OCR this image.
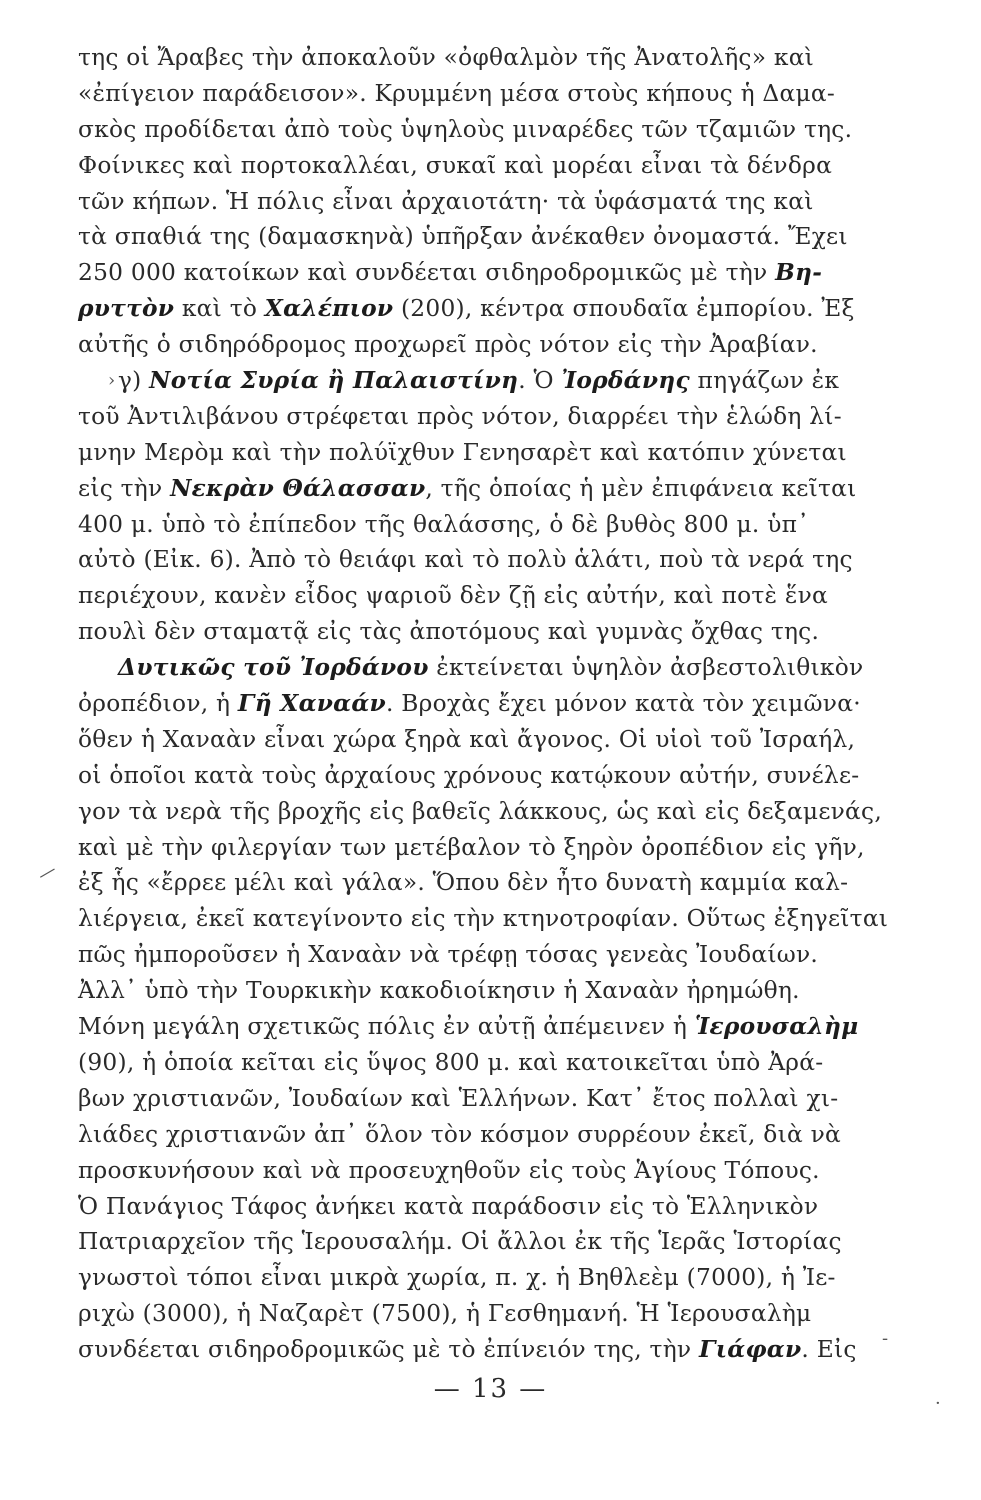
της οἱ Ἄραβες τὴν ἀποκαλοῦν «ὀφθαλμὸν τῆς Ἀνατολῆς» καὶ
«ἐπίγειον παράδεισον». Κρυμμένη μέσα στοὺς κήπους ἡ Δαμα-
σκὸς προδίδεται ἀπὸ τοὺς ὑψηλοὺς μιναρέδες τῶν τζαμιῶν της.
Φοίνικες καὶ πορτοκαλλέαι, συκαῖ καὶ μορέαι εἶναι τὰ δένδρα
τῶν κήπων. Ἡ πόλις εἶναι ἀρχαιοτάτη· τὰ ὑφάσματά της καὶ
τὰ σπαθιά της (δαμασκηνὰ) ὑπῆρξαν ἀνέκαθεν ὀνομαστά. Ἔχει
250 000 κατοίκων καὶ συνδέεται σιδηροδρομικῶς μὲ τὴν Βη-
ρυττὸν καὶ τὸ Χαλέπιον (200), κέντρα σπουδαῖα ἐμπορίου. Ἐξ
αὐτῆς ὁ σιδηρόδρομος προχωρεῖ πρὸς νότον εἰς τὴν Ἀραβίαν.
γ) Νοτία Συρία ἢ Παλαιστίνη. Ὁ Ἰορδάνης πηγάζων ἐκ
τοῦ Ἀντιλιβάνου στρέφεται πρὸς νότον, διαρρέει τὴν ἑλώδη λί-
μνην Μερὸμ καὶ τὴν πολύϊχθυν Γενησαρὲτ καὶ κατόπιν χύνεται
εἰς τὴν Νεκρὰν Θάλασσαν, τῆς ὁποίας ἡ μὲν ἐπιφάνεια κεῖται
400 μ. ὑπὸ τὸ ἐπίπεδον τῆς θαλάσσης, ὁ δὲ βυθὸς 800 μ. ὑπ᾿
αὐτὸ (Εἰκ. 6). Ἀπὸ τὸ θειάφι καὶ τὸ πολὺ ἁλάτι, ποὺ τὰ νερά της
περιέχουν, κανὲν εἶδος ψαριοῦ δὲν ζῇ εἰς αὐτήν, καὶ ποτὲ ἕνα
πουλὶ δὲν σταματᾷ εἰς τὰς ἀποτόμους καὶ γυμνὰς ὄχθας της.
Δυτικῶς τοῦ Ἰορδάνου ἐκτείνεται ὑψηλὸν ἀσβεστολιθικὸν
ὀροπέδιον, ἡ Γῆ Χαναάν. Βροχὰς ἔχει μόνον κατὰ τὸν χειμῶνα·
ὅθεν ἡ Χαναὰν εἶναι χώρα ξηρὰ καὶ ἄγονος. Οἱ υἱοὶ τοῦ Ἰσραήλ,
οἱ ὁποῖοι κατὰ τοὺς ἀρχαίους χρόνους κατῴκουν αὐτήν, συνέλε-
γον τὰ νερὰ τῆς βροχῆς εἰς βαθεῖς λάκκους, ὡς καὶ εἰς δεξαμενάς,
καὶ μὲ τὴν φιλεργίαν των μετέβαλον τὸ ξηρὸν ὀροπέδιον εἰς γῆν,
ἐξ ἧς «ἔρρεε μέλι καὶ γάλα». Ὅπου δὲν ἦτο δυνατὴ καμμία καλ-
λιέργεια, ἐκεῖ κατεγίνοντο εἰς τὴν κτηνοτροφίαν. Οὕτως ἐξηγεῖται
πῶς ἠμποροῦσεν ἡ Χαναὰν νὰ τρέφῃ τόσας γενεὰς Ἰουδαίων.
Ἀλλ᾿ ὑπὸ τὴν Τουρκικὴν κακοδιοίκησιν ἡ Χαναὰν ἠρημώθη.
Μόνη μεγάλη σχετικῶς πόλις ἐν αὐτῇ ἀπέμεινεν ἡ Ἱερουσαλὴμ
(90), ἡ ὁποία κεῖται εἰς ὕψος 800 μ. καὶ κατοικεῖται ὑπὸ Ἀρά-
βων χριστιανῶν, Ἰουδαίων καὶ Ἑλλήνων. Κατ᾿ ἔτος πολλαὶ χι-
λιάδες χριστιανῶν ἀπ᾿ ὅλον τὸν κόσμον συρρέουν ἐκεῖ, διὰ νὰ
προσκυνήσουν καὶ νὰ προσευχηθοῦν εἰς τοὺς Ἁγίους Τόπους.
Ὁ Πανάγιος Τάφος ἀνήκει κατὰ παράδοσιν εἰς τὸ Ἑλληνικὸν
Πατριαρχεῖον τῆς Ἱερουσαλήμ. Οἱ ἄλλοι ἐκ τῆς Ἱερᾶς Ἱστορίας
γνωστοὶ τόποι εἶναι μικρὰ χωρία, π. χ. ἡ Βηθλεὲμ (7000), ἡ Ἰε-
ριχὼ (3000), ἡ Ναζαρὲτ (7500), ἡ Γεσθημανή. Ἡ Ἱερουσαλὴμ
συνδέεται σιδηροδρομικῶς μὲ τὸ ἐπίνειόν της, τὴν Γιάφαν. Εἰς
— 13 —
›
—
·
‐
